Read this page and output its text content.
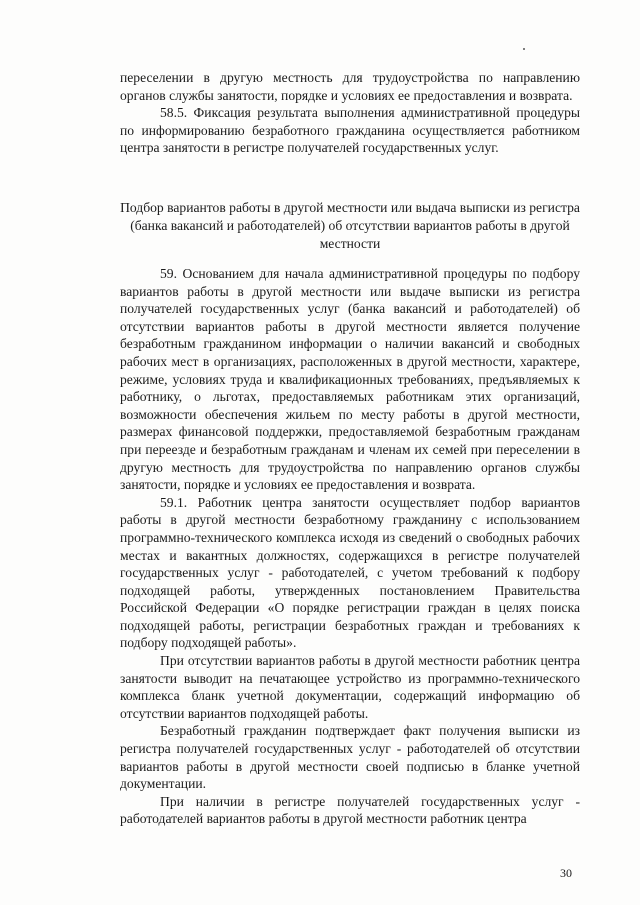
переселении в другую местность для трудоустройства по направлению органов службы занятости, порядке и условиях ее предоставления и возврата.

58.5. Фиксация результата выполнения административной процедуры по информированию безработного гражданина осуществляется работником центра занятости в регистре получателей государственных услуг.

Подбор вариантов работы в другой местности или выдача выписки из регистра (банка вакансий и работодателей) об отсутствии вариантов работы в другой местности

59. Основанием для начала административной процедуры по подбору вариантов работы в другой местности или выдаче выписки из регистра получателей государственных услуг (банка вакансий и работодателей) об отсутствии вариантов работы в другой местности является получение безработным гражданином информации о наличии вакансий и свободных рабочих мест в организациях, расположенных в другой местности, характере, режиме, условиях труда и квалификационных требованиях, предъявляемых к работнику, о льготах, предоставляемых работникам этих организаций, возможности обеспечения жильем по месту работы в другой местности, размерах финансовой поддержки, предоставляемой безработным гражданам при переезде и безработным гражданам и членам их семей при переселении в другую местность для трудоустройства по направлению органов службы занятости, порядке и условиях ее предоставления и возврата.

59.1. Работник центра занятости осуществляет подбор вариантов работы в другой местности безработному гражданину с использованием программно-технического комплекса исходя из сведений о свободных рабочих местах и вакантных должностях, содержащихся в регистре получателей государственных услуг - работодателей, с учетом требований к подбору подходящей работы, утвержденных постановлением Правительства Российской Федерации «О порядке регистрации граждан в целях поиска подходящей работы, регистрации безработных граждан и требованиях к подбору подходящей работы».

При отсутствии вариантов работы в другой местности работник центра занятости выводит на печатающее устройство из программно-технического комплекса бланк учетной документации, содержащий информацию об отсутствии вариантов подходящей работы.

Безработный гражданин подтверждает факт получения выписки из регистра получателей государственных услуг - работодателей об отсутствии вариантов работы в другой местности своей подписью в бланке учетной документации.

При наличии в регистре получателей государственных услуг - работодателей вариантов работы в другой местности работник центра

30
